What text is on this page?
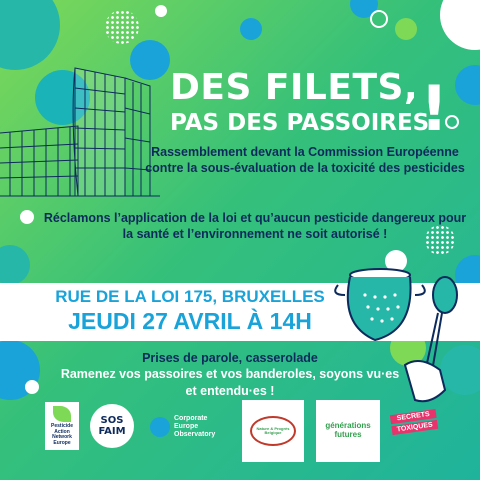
DES FILETS,
PAS DES PASSOIRES
!
Rassemblement devant la Commission Européenne contre la sous-évaluation de la toxicité des pesticides
Réclamons l’application de la loi et qu’aucun pesticide dangereux pour la santé et l’environnement ne soit autorisé !
RUE DE LA LOI 175, BRUXELLES
JEUDI 27 AVRIL À 14H
Prises de parole, casserolade
Ramenez vos passoires et vos banderoles, soyons vu·es et entendu·es !
Pesticide Action Network Europe
SOS FAIM
Corporate
Europe
Observatory
Nature & Progrès Belgique
générations futures
SECRETS
TOXIQUES
